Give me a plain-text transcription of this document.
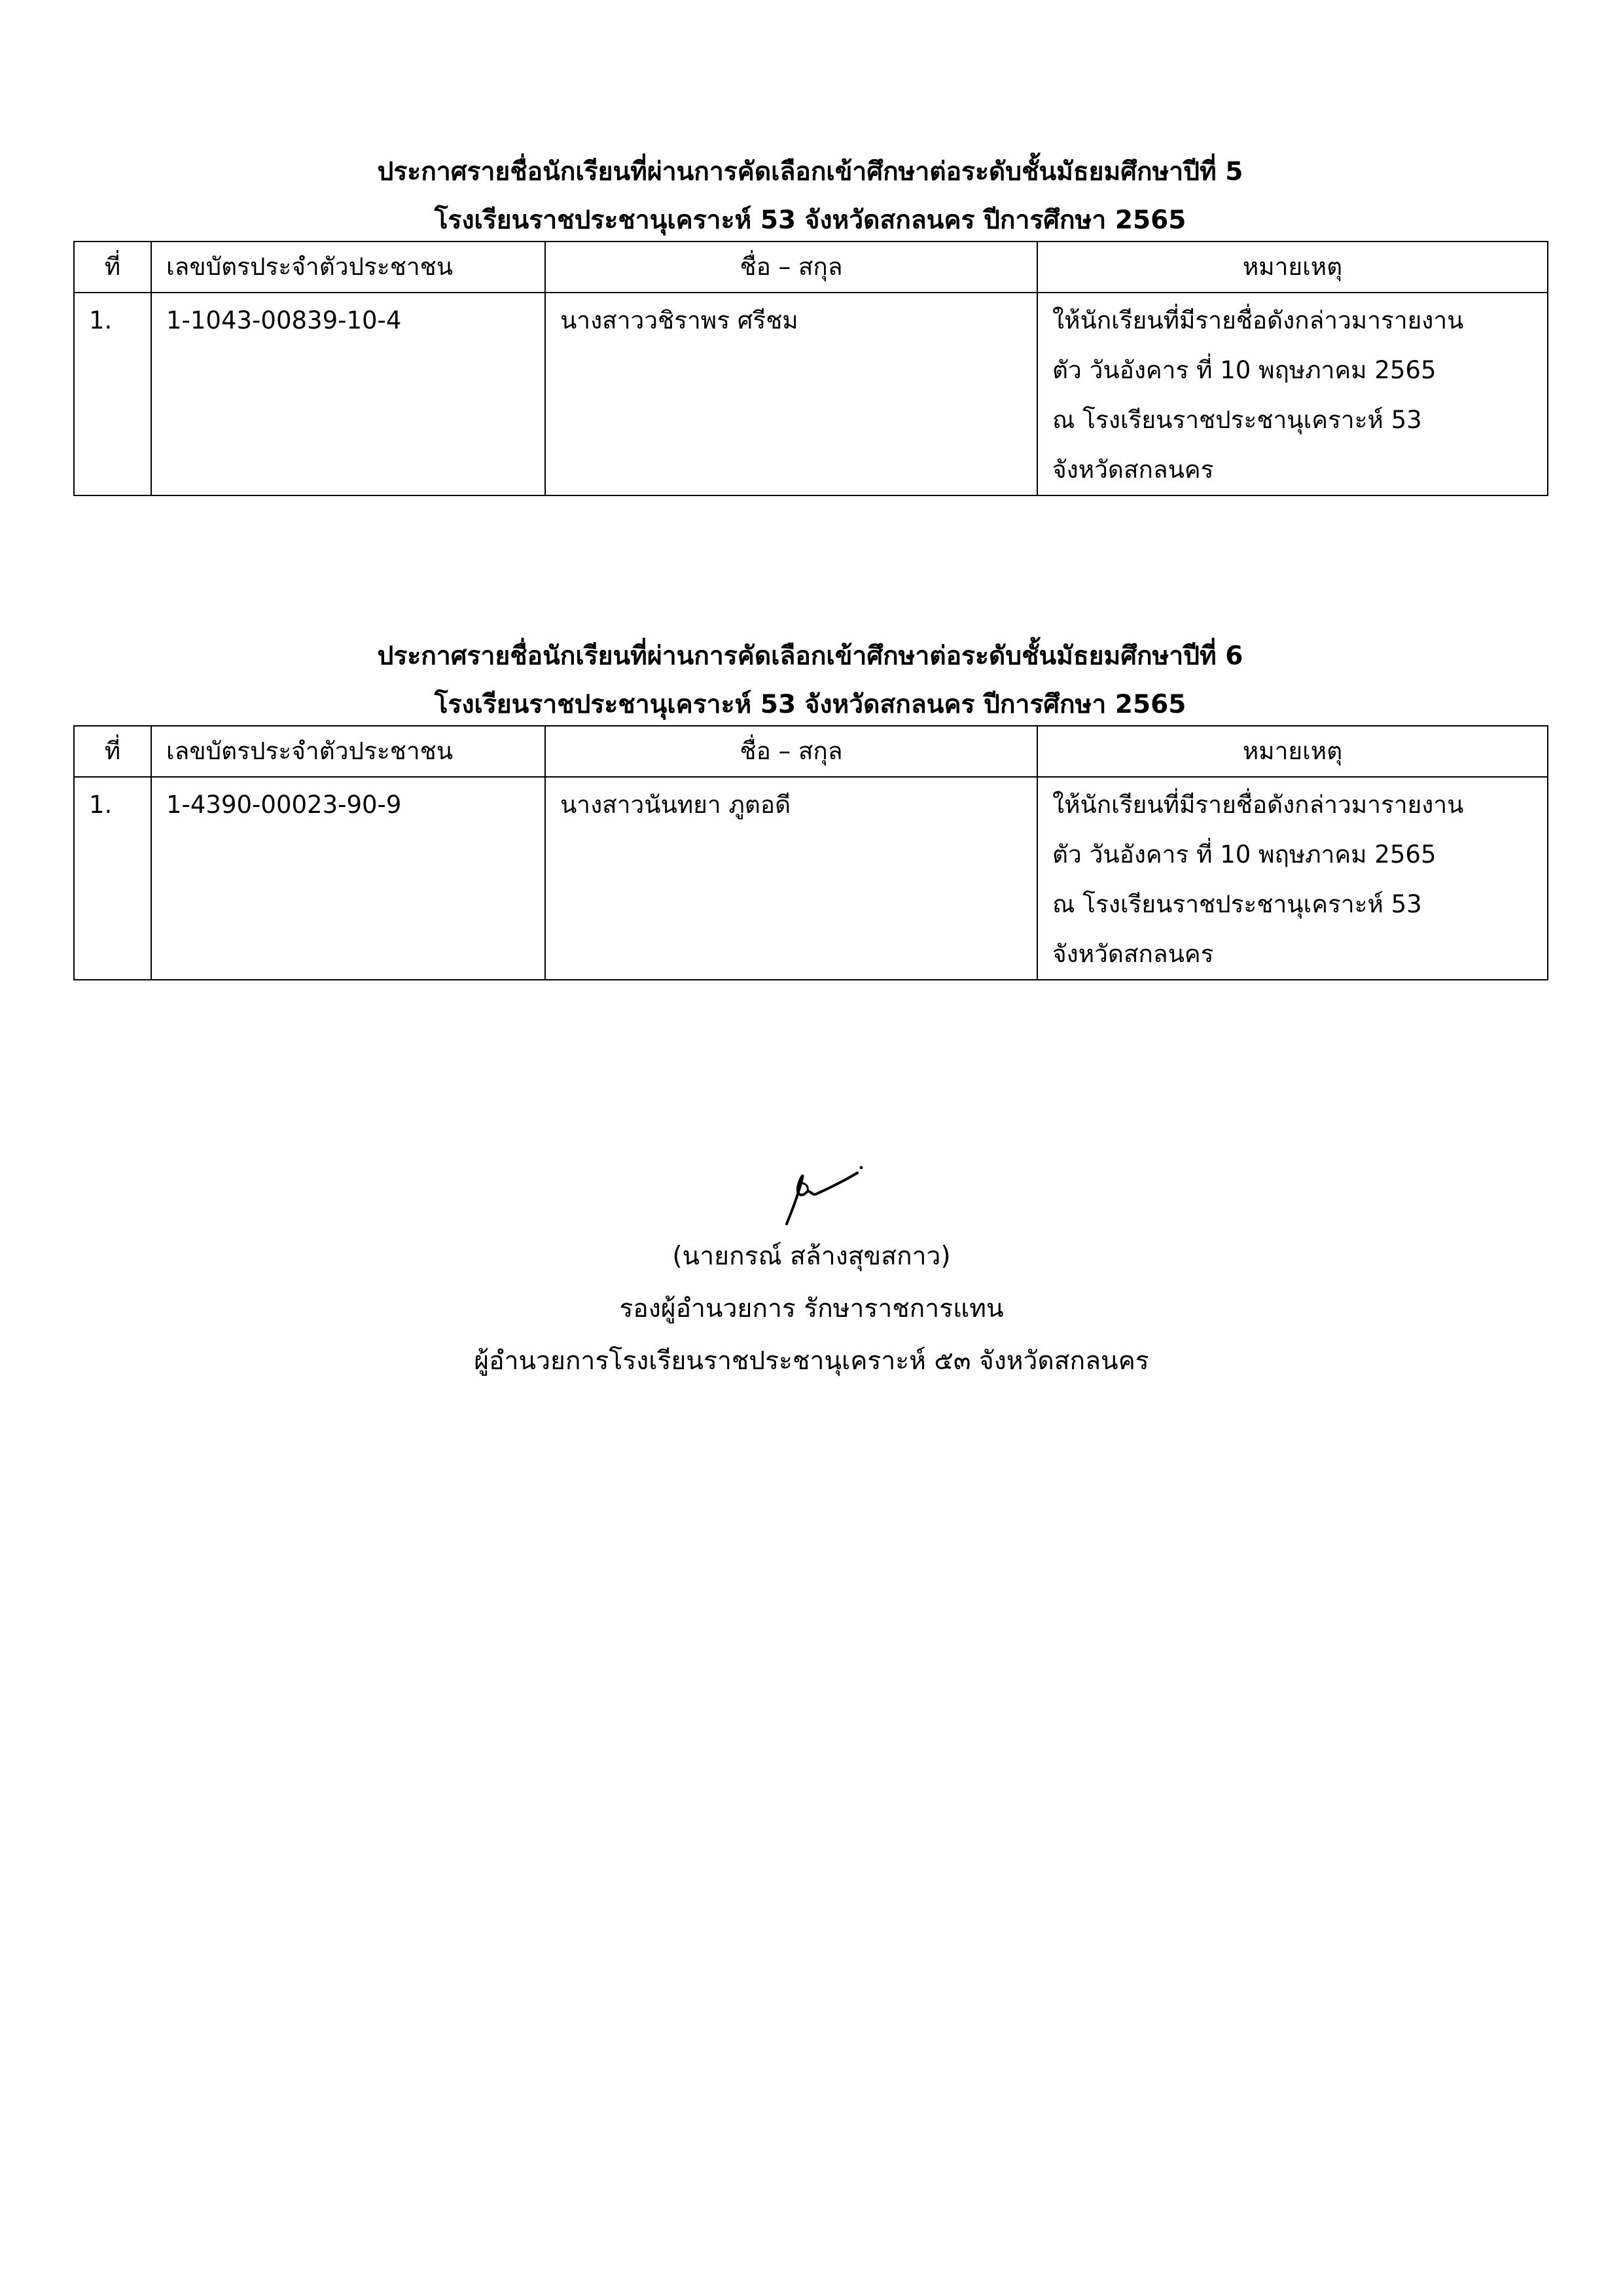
ประกาศรายชื่อนักเรียนที่ผ่านการคัดเลือกเข้าศึกษาต่อระดับชั้นมัธยมศึกษาปีที่ 5
โรงเรียนราชประชานุเคราะห์ 53 จังหวัดสกลนคร ปีการศึกษา 2565
ที่	เลขบัตรประจำตัวประชาชน	ชื่อ – สกุล	หมายเหตุ
1.	1-1043-00839-10-4	นางสาววชิราพร ศรีชม	ให้นักเรียนที่มีรายชื่อดังกล่าวมารายงาน
ตัว วันอังคาร ที่ 10 พฤษภาคม 2565
ณ โรงเรียนราชประชานุเคราะห์ 53
จังหวัดสกลนคร
ประกาศรายชื่อนักเรียนที่ผ่านการคัดเลือกเข้าศึกษาต่อระดับชั้นมัธยมศึกษาปีที่ 6
โรงเรียนราชประชานุเคราะห์ 53 จังหวัดสกลนคร ปีการศึกษา 2565
ที่	เลขบัตรประจำตัวประชาชน	ชื่อ – สกุล	หมายเหตุ
1.	1-4390-00023-90-9	นางสาวนันทยา ภูตอดี	ให้นักเรียนที่มีรายชื่อดังกล่าวมารายงาน
ตัว วันอังคาร ที่ 10 พฤษภาคม 2565
ณ โรงเรียนราชประชานุเคราะห์ 53
จังหวัดสกลนคร
(นายกรณ์ สล้างสุขสกาว)
รองผู้อำนวยการ รักษาราชการแทน
ผู้อำนวยการโรงเรียนราชประชานุเคราะห์ ๕๓ จังหวัดสกลนคร
